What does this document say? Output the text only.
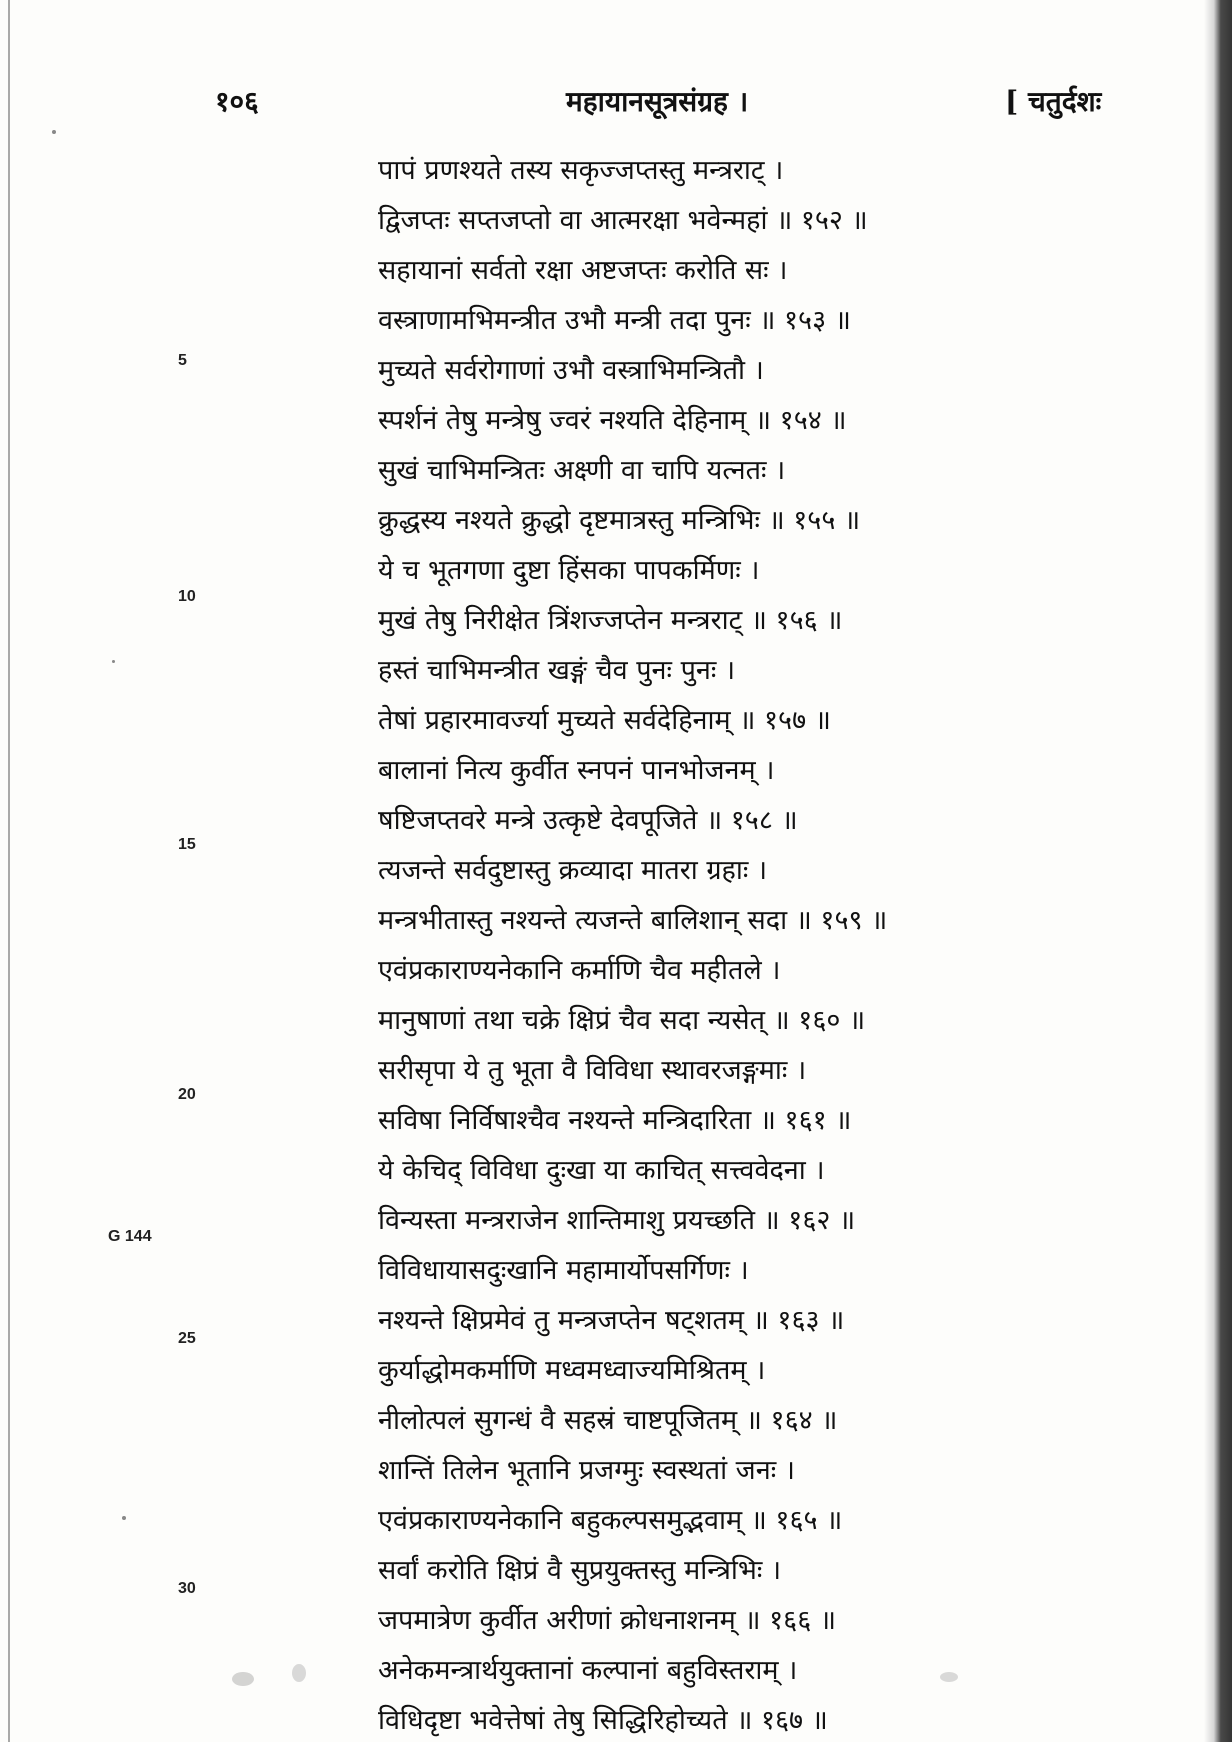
१०६	महायानसूत्रसंग्रह ।	[ चतुर्दशः
पापं प्रणश्यते तस्य सकृज्जप्तस्तु मन्त्रराट् ।
द्विजप्तः सप्तजप्तो वा आत्मरक्षा भवेन्महां ॥ १५२ ॥
सहायानां सर्वतो रक्षा अष्टजप्तः करोति सः ।
वस्त्राणामभिमन्त्रीत उभौ मन्त्री तदा पुनः ॥ १५३ ॥
मुच्यते सर्वरोगाणां उभौ वस्त्राभिमन्त्रितौ ।
स्पर्शनं तेषु मन्त्रेषु ज्वरं नश्यति देहिनाम् ॥ १५४ ॥
सुखं चाभिमन्त्रितः अक्ष्णी वा चापि यत्नतः ।
क्रुद्धस्य नश्यते क्रुद्धो दृष्टमात्रस्तु मन्त्रिभिः ॥ १५५ ॥
ये च भूतगणा दुष्टा हिंसका पापकर्मिणः ।
मुखं तेषु निरीक्षेत त्रिंशज्जप्तेन मन्त्रराट् ॥ १५६ ॥
हस्तं चाभिमन्त्रीत खङ्गं चैव पुनः पुनः ।
तेषां प्रहारमावर्ज्या मुच्यते सर्वदेहिनाम् ॥ १५७ ॥
बालानां नित्य कुर्वीत स्नपनं पानभोजनम् ।
षष्टिजप्तवरे मन्त्रे उत्कृष्टे देवपूजिते ॥ १५८ ॥
त्यजन्ते सर्वदुष्टास्तु क्रव्यादा मातरा ग्रहाः ।
मन्त्रभीतास्तु नश्यन्ते त्यजन्ते बालिशान् सदा ॥ १५९ ॥
एवंप्रकाराण्यनेकानि कर्माणि चैव महीतले ।
मानुषाणां तथा चक्रे क्षिप्रं चैव सदा न्यसेत् ॥ १६० ॥
सरीसृपा ये तु भूता वै विविधा स्थावरजङ्गमाः ।
सविषा निर्विषाश्चैव नश्यन्ते मन्त्रिदारिता ॥ १६१ ॥
ये केचिद् विविधा दुःखा या काचित् सत्त्ववेदना ।
विन्यस्ता मन्त्रराजेन शान्तिमाशु प्रयच्छति ॥ १६२ ॥
विविधायासदुःखानि महामार्योपसर्गिणः ।
नश्यन्ते क्षिप्रमेवं तु मन्त्रजप्तेन षट्शतम् ॥ १६३ ॥
कुर्याद्धोमकर्माणि मध्वमध्वाज्यमिश्रितम् ।
नीलोत्पलं सुगन्धं वै सहस्रं चाष्टपूजितम् ॥ १६४ ॥
शान्तिं तिलेन भूतानि प्रजग्मुः स्वस्थतां जनः ।
एवंप्रकाराण्यनेकानि बहुकल्पसमुद्भवाम् ॥ १६५ ॥
सर्वां करोति क्षिप्रं वै सुप्रयुक्तस्तु मन्त्रिभिः ।
जपमात्रेण कुर्वीत अरीणां क्रोधनाशनम् ॥ १६६ ॥
अनेकमन्त्रार्थयुक्तानां कल्पानां बहुविस्तराम् ।
विधिदृष्टा भवेत्तेषां तेषु सिद्धिरिहोच्यते ॥ १६७ ॥
5
10
15
20
G 144
25
30
